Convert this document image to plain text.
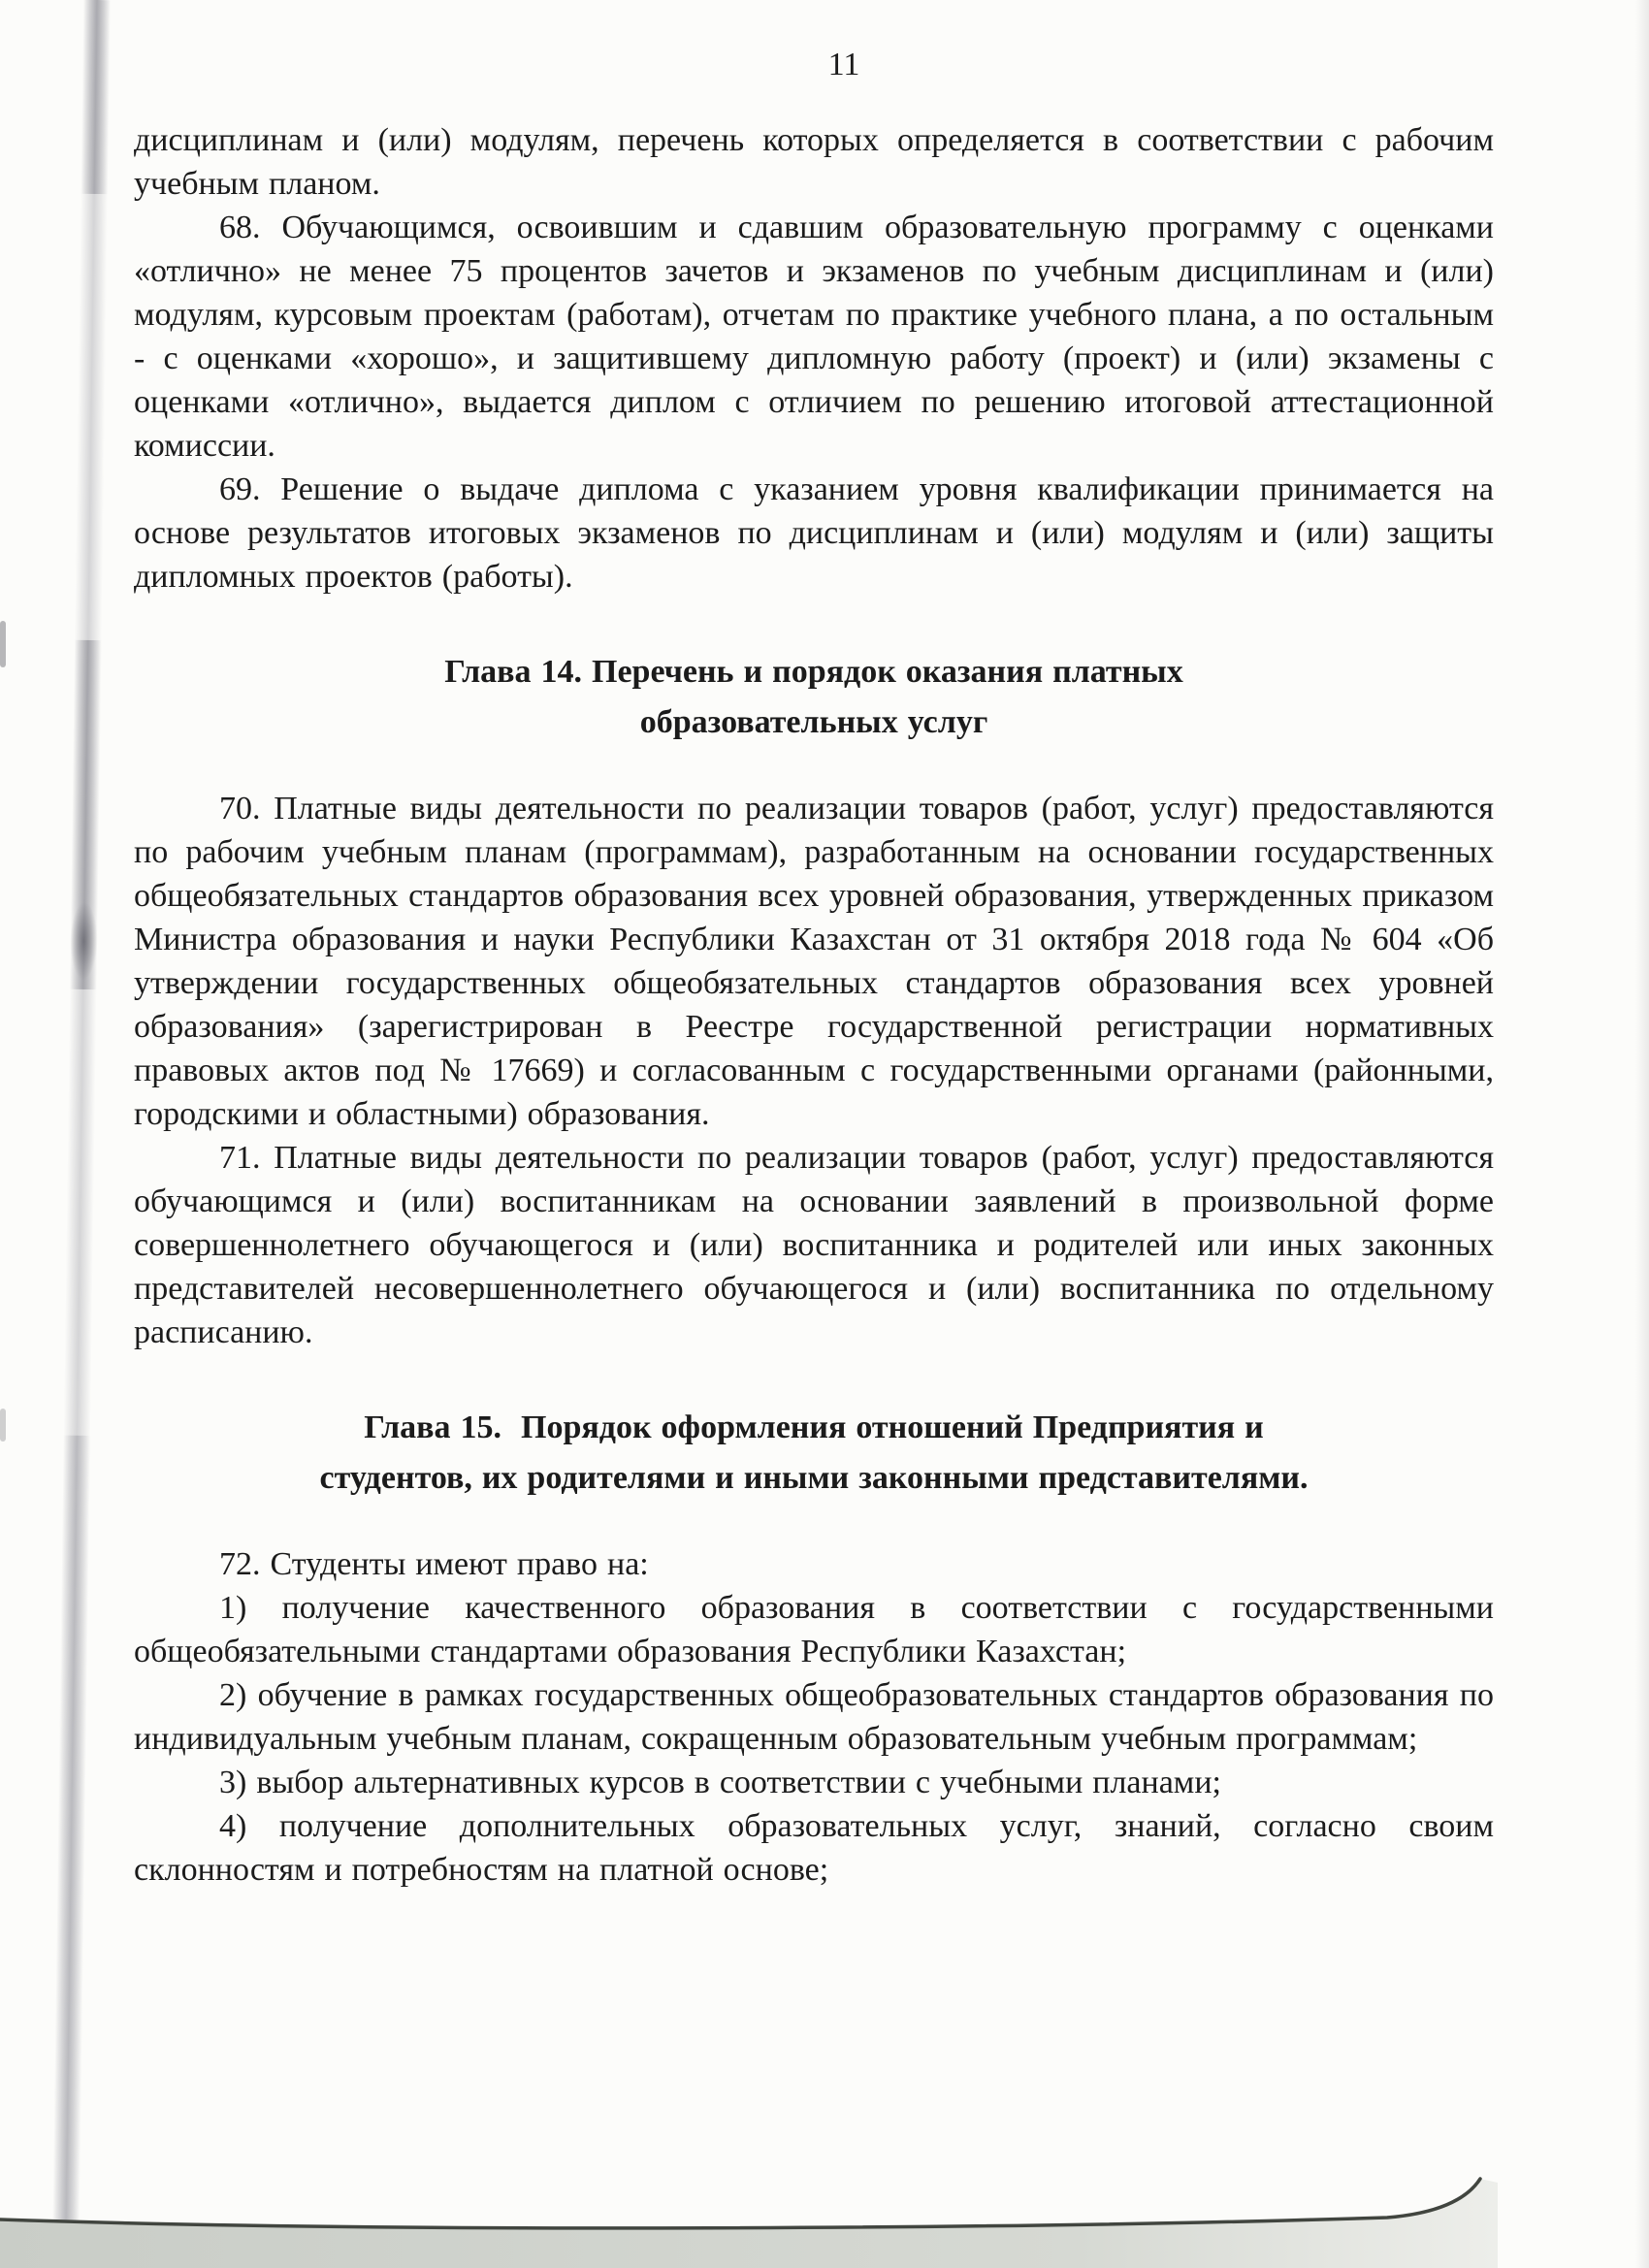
11

дисциплинам и (или) модулям, перечень которых определяется в соответствии с рабочим учебным планом.

68. Обучающимся, освоившим и сдавшим образовательную программу с оценками «отлично» не менее 75 процентов зачетов и экзаменов по учебным дисциплинам и (или) модулям, курсовым проектам (работам), отчетам по практике учебного плана, а по остальным - с оценками «хорошо», и защитившему дипломную работу (проект) и (или) экзамены с оценками «отлично», выдается диплом с отличием по решению итоговой аттестационной комиссии.

69. Решение о выдаче диплома с указанием уровня квалификации принимается на основе результатов итоговых экзаменов по дисциплинам и (или) модулям и (или) защиты дипломных проектов (работы).

Глава 14. Перечень и порядок оказания платных
образовательных услуг

70. Платные виды деятельности по реализации товаров (работ, услуг) предоставляются по рабочим учебным планам (программам), разработанным на основании государственных общеобязательных стандартов образования всех уровней образования, утвержденных приказом Министра образования и науки Республики Казахстан от 31 октября 2018 года № 604 «Об утверждении государственных общеобязательных стандартов образования всех уровней образования» (зарегистрирован в Реестре государственной регистрации нормативных правовых актов под № 17669) и согласованным с государственными органами (районными, городскими и областными) образования.

71. Платные виды деятельности по реализации товаров (работ, услуг) предоставляются обучающимся и (или) воспитанникам на основании заявлений в произвольной форме совершеннолетнего обучающегося и (или) воспитанника и родителей или иных законных представителей несовершеннолетнего обучающегося и (или) воспитанника по отдельному расписанию.

Глава 15.  Порядок оформления отношений Предприятия и
студентов, их родителями и иными законными представителями.

72. Студенты имеют право на:

1) получение качественного образования в соответствии с государственными общеобязательными стандартами образования Республики Казахстан;

2) обучение в рамках государственных общеобразовательных стандартов образования по индивидуальным учебным планам, сокращенным образовательным учебным программам;

3) выбор альтернативных курсов в соответствии с учебными планами;

4) получение дополнительных образовательных услуг, знаний, согласно своим склонностям и потребностям на платной основе;
